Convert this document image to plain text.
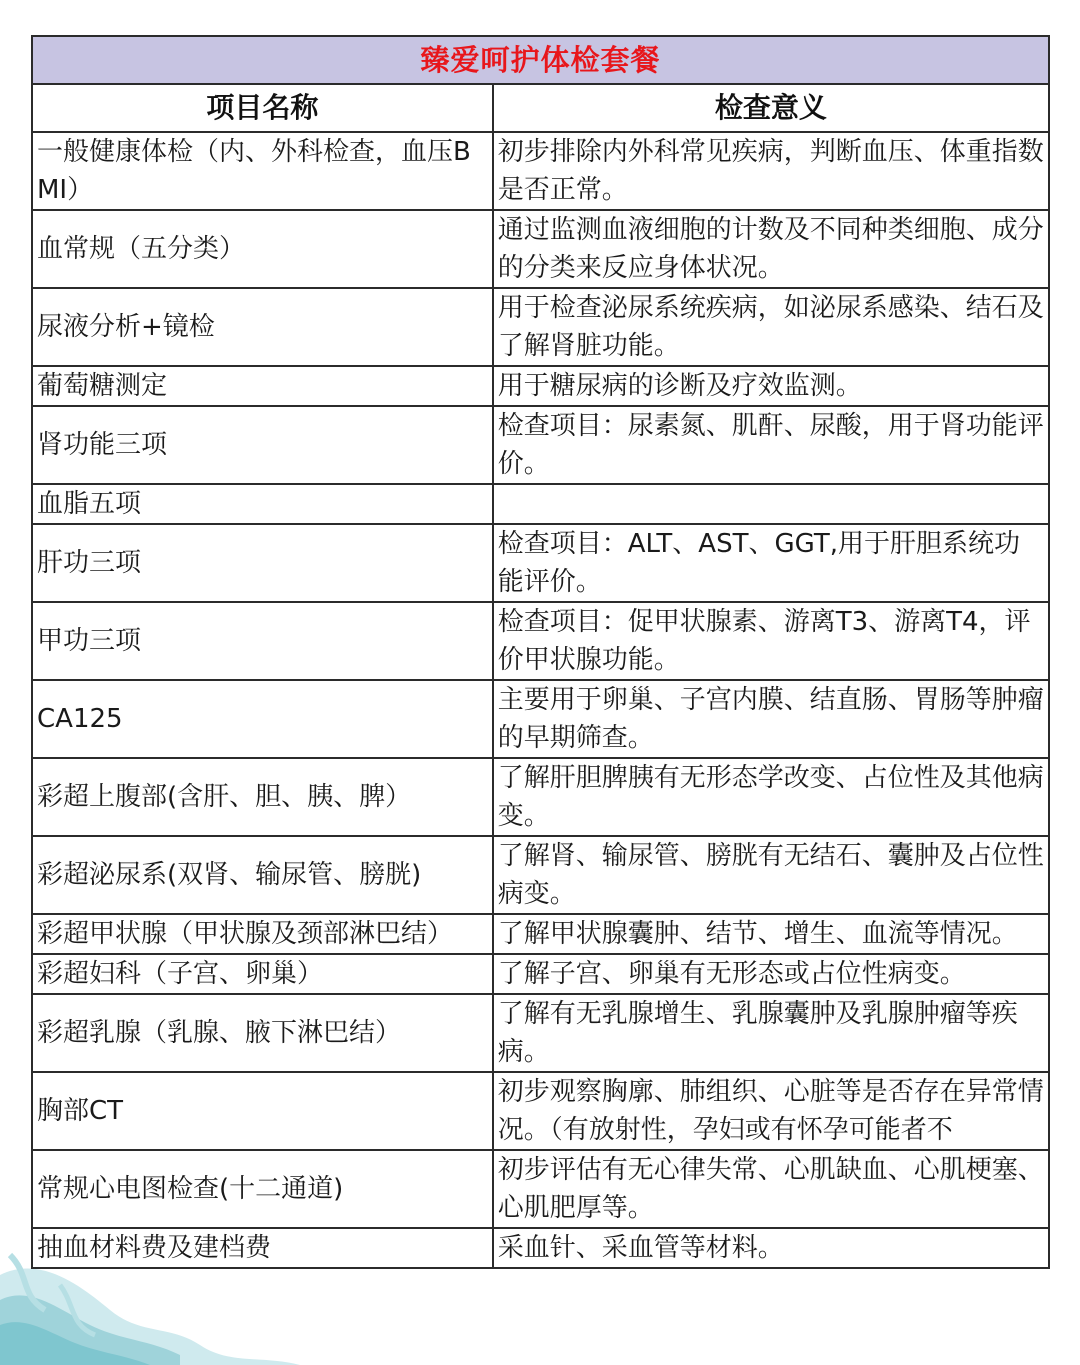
臻爱呵护体检套餐	
项目名称	检查意义
一般健康体检（内、外科检查，血压BMI）	初步排除内外科常见疾病，判断血压、体重指数是否正常。
血常规（五分类）	通过监测血液细胞的计数及不同种类细胞、成分的分类来反应身体状况。
尿液分析+镜检	用于检查泌尿系统疾病，如泌尿系感染、结石及了解肾脏功能。
葡萄糖测定	用于糖尿病的诊断及疗效监测。
肾功能三项	检查项目：尿素氮、肌酐、尿酸，用于肾功能评价。
血脂五项	
肝功三项	检查项目：ALT、AST、GGT,用于肝胆系统功能评价。
甲功三项	检查项目：促甲状腺素、游离T3、游离T4，评价甲状腺功能。
CA125	主要用于卵巢、子宫内膜、结直肠、胃肠等肿瘤的早期筛查。
彩超上腹部(含肝、胆、胰、脾）	了解肝胆脾胰有无形态学改变、占位性及其他病变。
彩超泌尿系(双肾、输尿管、膀胱)	了解肾、输尿管、膀胱有无结石、囊肿及占位性病变。
彩超甲状腺（甲状腺及颈部淋巴结）	了解甲状腺囊肿、结节、增生、血流等情况。
彩超妇科（子宫、卵巢）	了解子宫、卵巢有无形态或占位性病变。
彩超乳腺（乳腺、腋下淋巴结）	了解有无乳腺增生、乳腺囊肿及乳腺肿瘤等疾病。
胸部CT	初步观察胸廓、肺组织、心脏等是否存在异常情况。（有放射性，孕妇或有怀孕可能者不

常规心电图检查(十二通道)	初步评估有无心律失常、心肌缺血、心肌梗塞、心肌肥厚等。
抽血材料费及建档费	采血针、采血管等材料。
